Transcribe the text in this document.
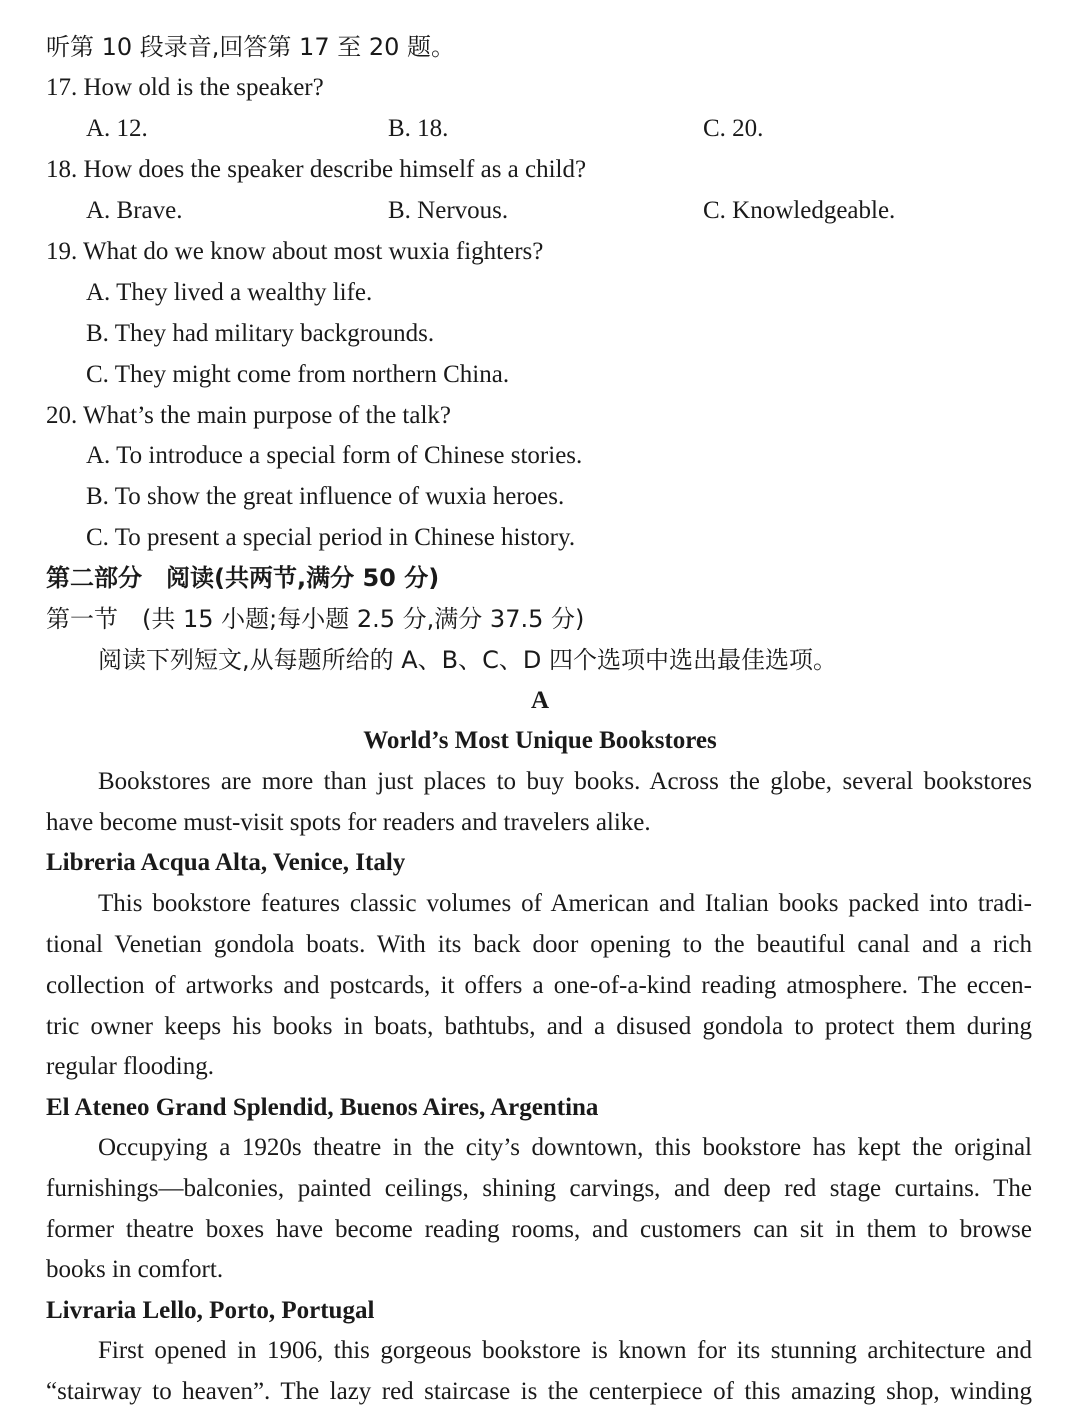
听第 10 段录音,回答第 17 至 20 题。
17. How old is the speaker?
A. 12.	B. 18.	C. 20.
18. How does the speaker describe himself as a child?
A. Brave.	B. Nervous.	C. Knowledgeable.
19. What do we know about most wuxia fighters?
A. They lived a wealthy life.
B. They had military backgrounds.
C. They might come from northern China.
20. What’s the main purpose of the talk?
A. To introduce a special form of Chinese stories.
B. To show the great influence of wuxia heroes.
C. To present a special period in Chinese history.
第二部分　阅读(共两节,满分 50 分)
第一节　(共 15 小题;每小题 2.5 分,满分 37.5 分)
阅读下列短文,从每题所给的 A、B、C、D 四个选项中选出最佳选项。
A
World’s Most Unique Bookstores
Bookstores are more than just places to buy books. Across the globe, several bookstores
have become must-visit spots for readers and travelers alike.
Libreria Acqua Alta, Venice, Italy
This bookstore features classic volumes of American and Italian books packed into tradi-
tional Venetian gondola boats. With its back door opening to the beautiful canal and a rich
collection of artworks and postcards, it offers a one-of-a-kind reading atmosphere. The eccen-
tric owner keeps his books in boats, bathtubs, and a disused gondola to protect them during
regular flooding.
El Ateneo Grand Splendid, Buenos Aires, Argentina
Occupying a 1920s theatre in the city’s downtown, this bookstore has kept the original
furnishings—balconies, painted ceilings, shining carvings, and deep red stage curtains. The
former theatre boxes have become reading rooms, and customers can sit in them to browse
books in comfort.
Livraria Lello, Porto, Portugal
First opened in 1906, this gorgeous bookstore is known for its stunning architecture and
“stairway to heaven”. The lazy red staircase is the centerpiece of this amazing shop, winding
